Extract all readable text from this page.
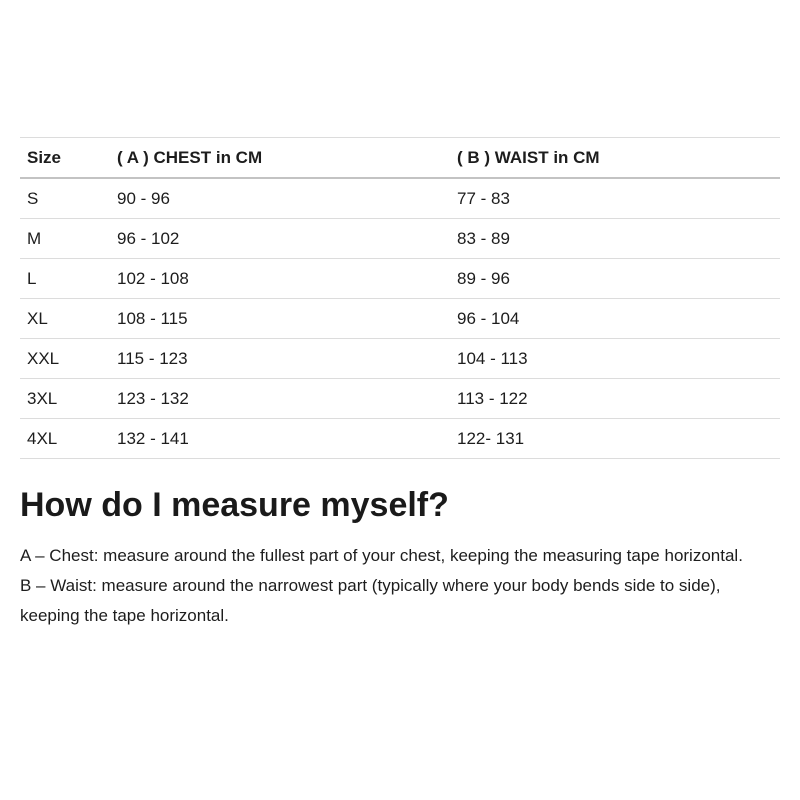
Size	( A ) CHEST in CM	( B ) WAIST in CM
S	90 - 96	77 - 83
M	96 - 102	83 - 89
L	102 - 108	89 - 96
XL	108 - 115	96 - 104
XXL	115 - 123	104 - 113
3XL	123 - 132	113 - 122
4XL	132 - 141	122- 131
How do I measure myself?

A – Chest: measure around the fullest part of your chest, keeping the measuring tape horizontal.

B – Waist: measure around the narrowest part (typically where your body bends side to side), keeping the tape horizontal.
